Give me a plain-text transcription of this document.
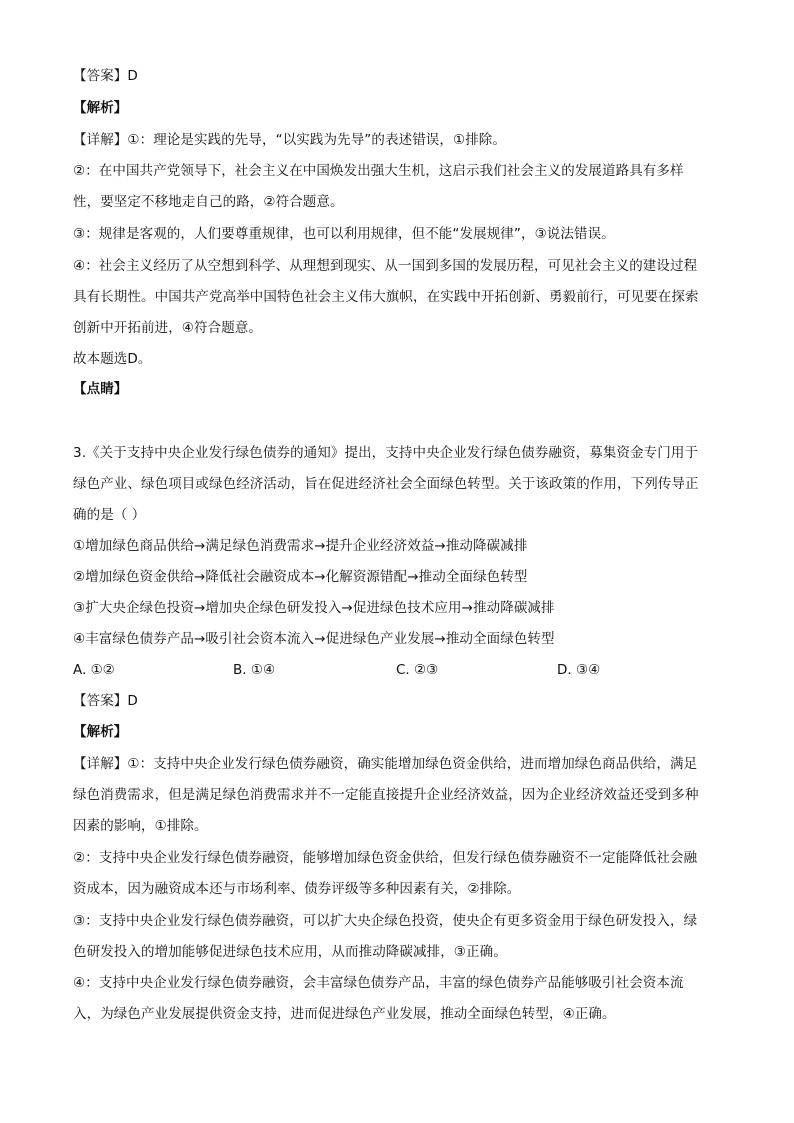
【答案】D
【解析】
【详解】①：理论是实践的先导，“以实践为先导”的表述错误，①排除。
②：在中国共产党领导下，社会主义在中国焕发出强大生机，这启示我们社会主义的发展道路具有多样
性，要坚定不移地走自己的路，②符合题意。
③：规律是客观的，人们要尊重规律，也可以利用规律，但不能“发展规律”，③说法错误。
④：社会主义经历了从空想到科学、从理想到现实、从一国到多国的发展历程，可见社会主义的建设过程
具有长期性。中国共产党高举中国特色社会主义伟大旗帜，在实践中开拓创新、勇毅前行，可见要在探索
创新中开拓前进，④符合题意。
故本题选D。
【点睛】
3.《关于支持中央企业发行绿色债券的通知》提出，支持中央企业发行绿色债券融资，募集资金专门用于
绿色产业、绿色项目或绿色经济活动，旨在促进经济社会全面绿色转型。关于该政策的作用，下列传导正
确的是（ ）
①增加绿色商品供给→满足绿色消费需求→提升企业经济效益→推动降碳减排
②增加绿色资金供给→降低社会融资成本→化解资源错配→推动全面绿色转型
③扩大央企绿色投资→增加央企绿色研发投入→促进绿色技术应用→推动降碳减排
④丰富绿色债券产品→吸引社会资本流入→促进绿色产业发展→推动全面绿色转型
A. ①②	B. ①④	C. ②③	D. ③④
【答案】D
【解析】
【详解】①：支持中央企业发行绿色债券融资，确实能增加绿色资金供给，进而增加绿色商品供给，满足
绿色消费需求，但是满足绿色消费需求并不一定能直接提升企业经济效益，因为企业经济效益还受到多种
因素的影响，①排除。
②：支持中央企业发行绿色债券融资，能够增加绿色资金供给，但发行绿色债券融资不一定能降低社会融
资成本，因为融资成本还与市场利率、债券评级等多种因素有关，②排除。
③：支持中央企业发行绿色债券融资，可以扩大央企绿色投资，使央企有更多资金用于绿色研发投入，绿
色研发投入的增加能够促进绿色技术应用，从而推动降碳减排，③正确。
④：支持中央企业发行绿色债券融资，会丰富绿色债券产品，丰富的绿色债券产品能够吸引社会资本流
入，为绿色产业发展提供资金支持，进而促进绿色产业发展，推动全面绿色转型，④正确。
